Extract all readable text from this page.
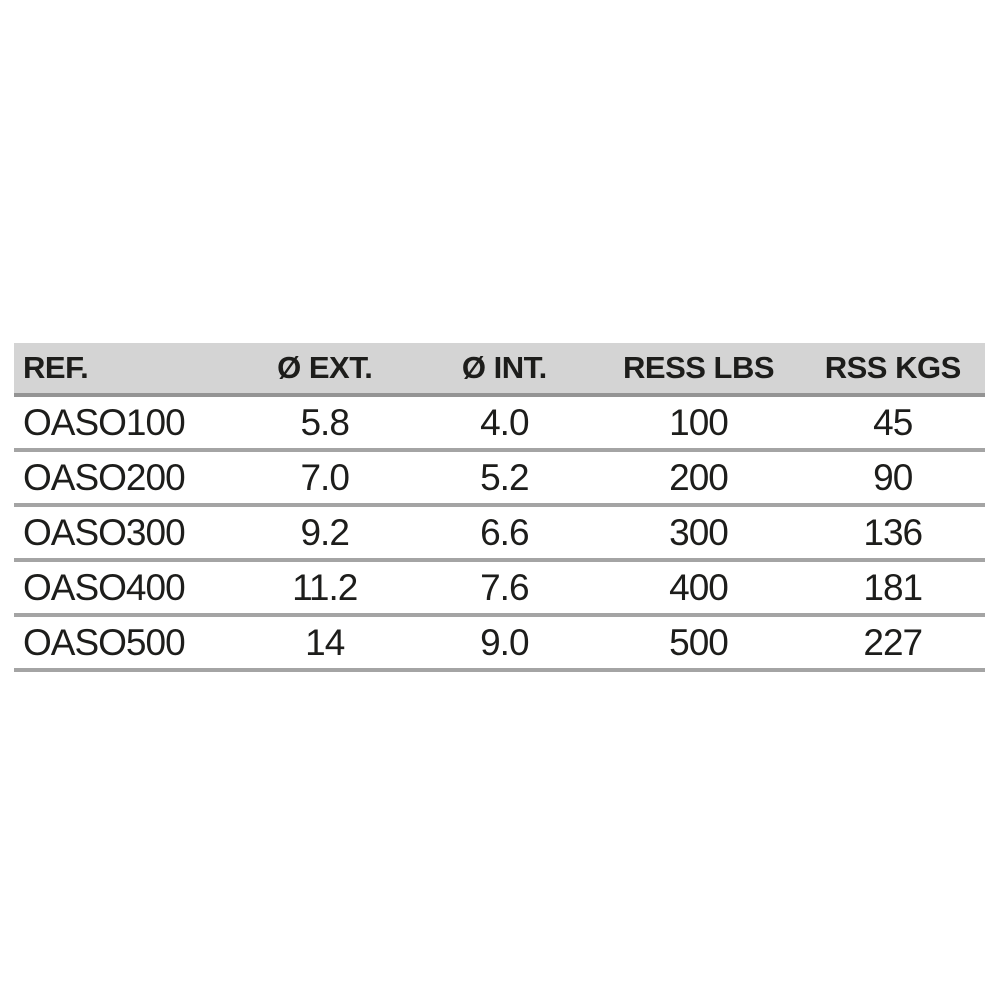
REF.	Ø EXT.	Ø INT.	RESS LBS	RSS KGS
OASO100	5.8	4.0	100	45
OASO200	7.0	5.2	200	90
OASO300	9.2	6.6	300	136
OASO400	11.2	7.6	400	181
OASO500	14	9.0	500	227
